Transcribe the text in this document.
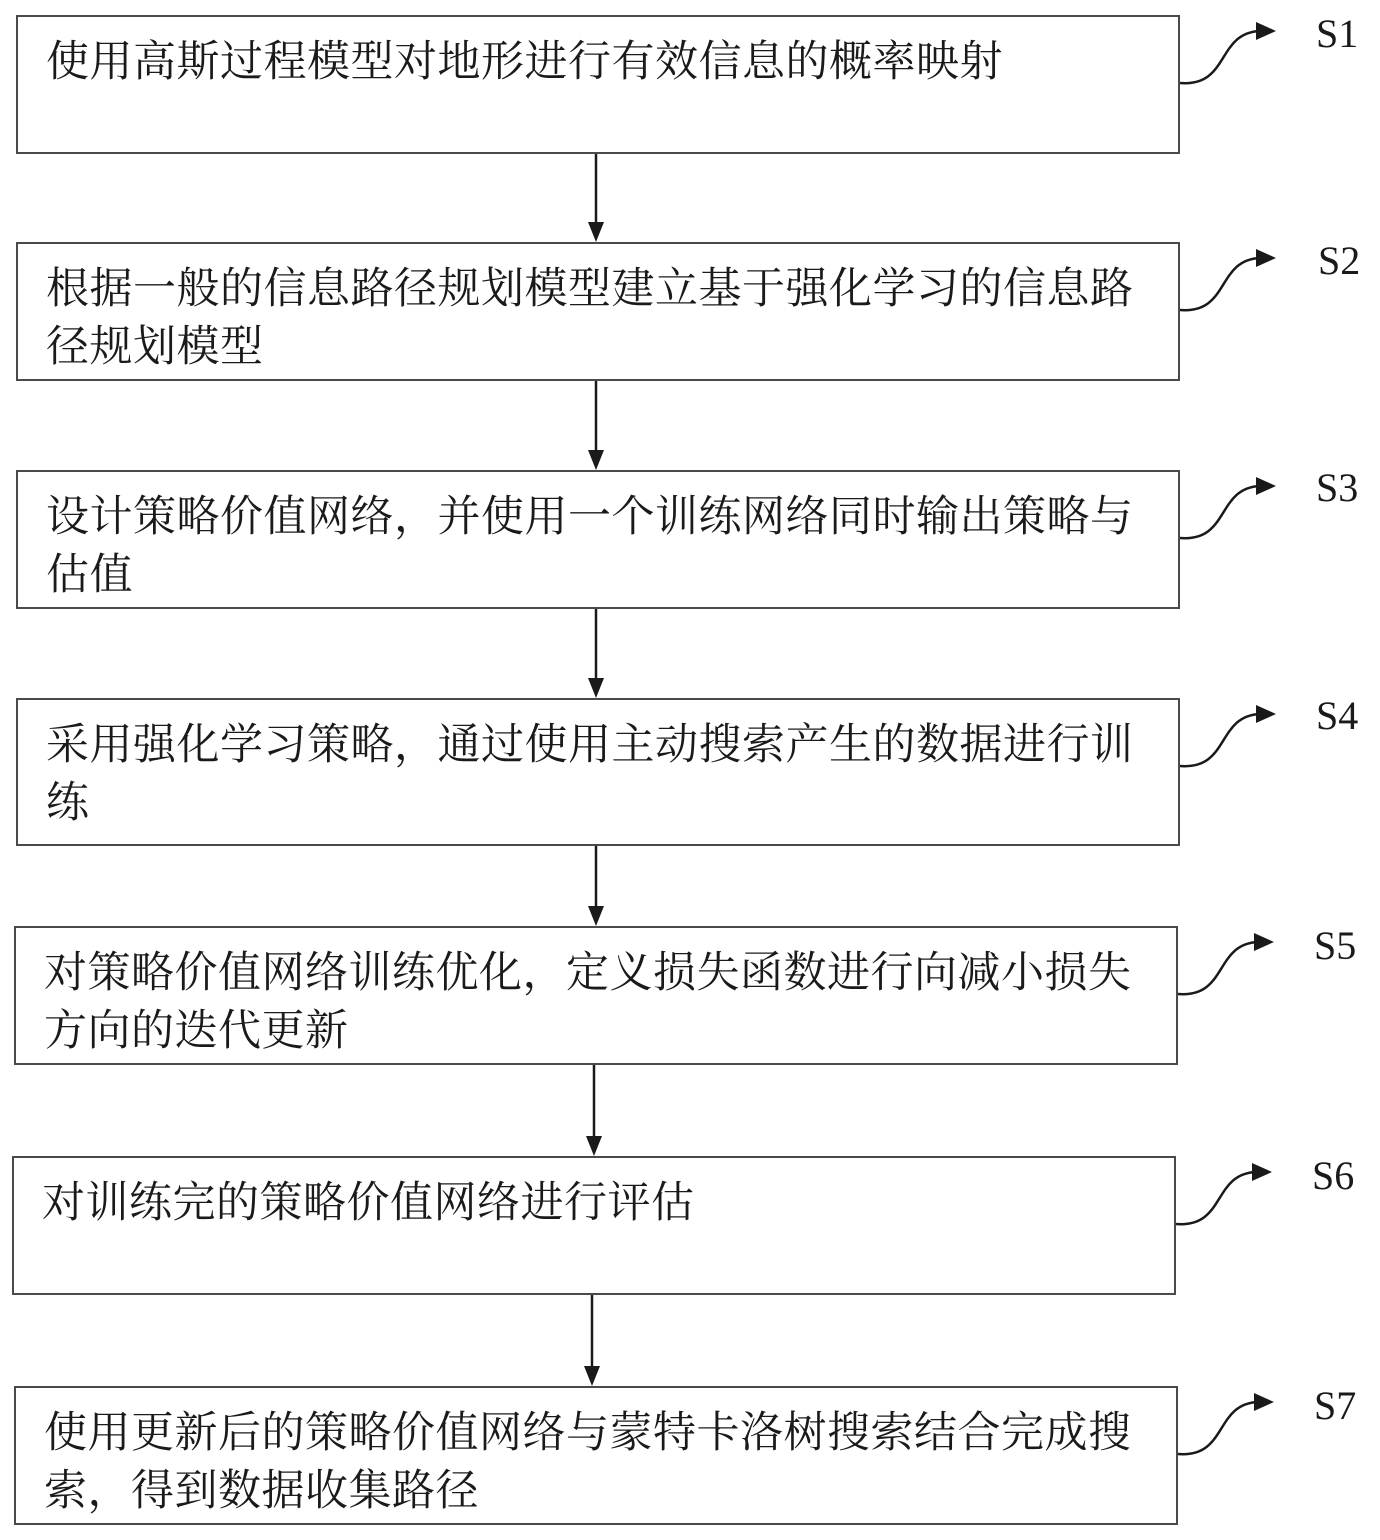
使用高斯过程模型对地形进行有效信息的概率映射
根据一般的信息路径规划模型建立基于强化学习的信息路径规划模型
设计策略价值网络，并使用一个训练网络同时输出策略与估值
采用强化学习策略，通过使用主动搜索产生的数据进行训练
对策略价值网络训练优化，定义损失函数进行向减小损失方向的迭代更新
对训练完的策略价值网络进行评估
使用更新后的策略价值网络与蒙特卡洛树搜索结合完成搜索，得到数据收集路径
S1
S2
S3
S4
S5
S6
S7
